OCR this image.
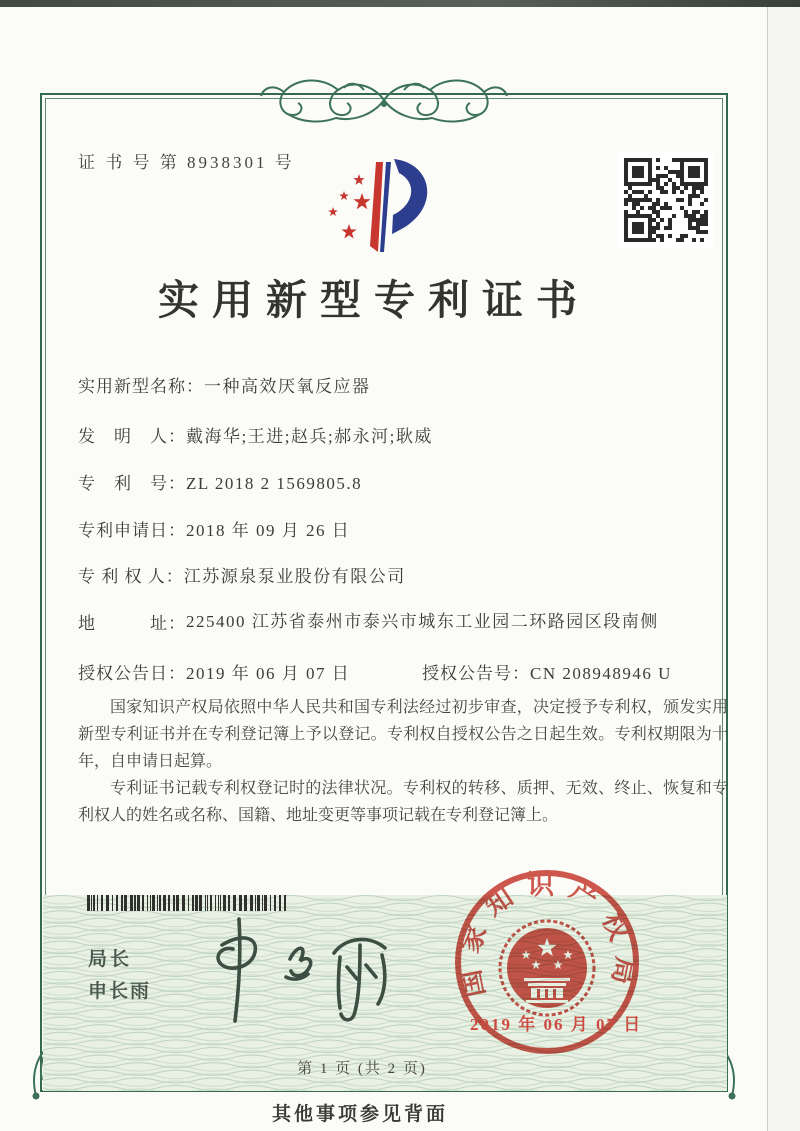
证 书 号 第 8938301 号
实用新型专利证书
实用新型名称：一种高效厌氧反应器
发　明　人：戴海华;王进;赵兵;郝永河;耿威
专　利　号：ZL 2018 2 1569805.8
专利申请日：2018 年 09 月 26 日
专 利 权 人：江苏源泉泵业股份有限公司
地　　　址：225400 江苏省泰州市泰兴市城东工业园二环路园区段南侧
授权公告日：2019 年 06 月 07 日	授权公告号：CN 208948946 U

国家知识产权局依照中华人民共和国专利法经过初步审查，决定授予专利权，颁发实用新型专利证书并在专利登记簿上予以登记。专利权自授权公告之日起生效。专利权期限为十年，自申请日起算。

专利证书记载专利权登记时的法律状况。专利权的转移、质押、无效、终止、恢复和专利权人的姓名或名称、国籍、地址变更等事项记载在专利登记簿上。

局长
申长雨	国家知识产权局
2019 年 06 月 07 日
第 1 页 (共 2 页)
其他事项参见背面
